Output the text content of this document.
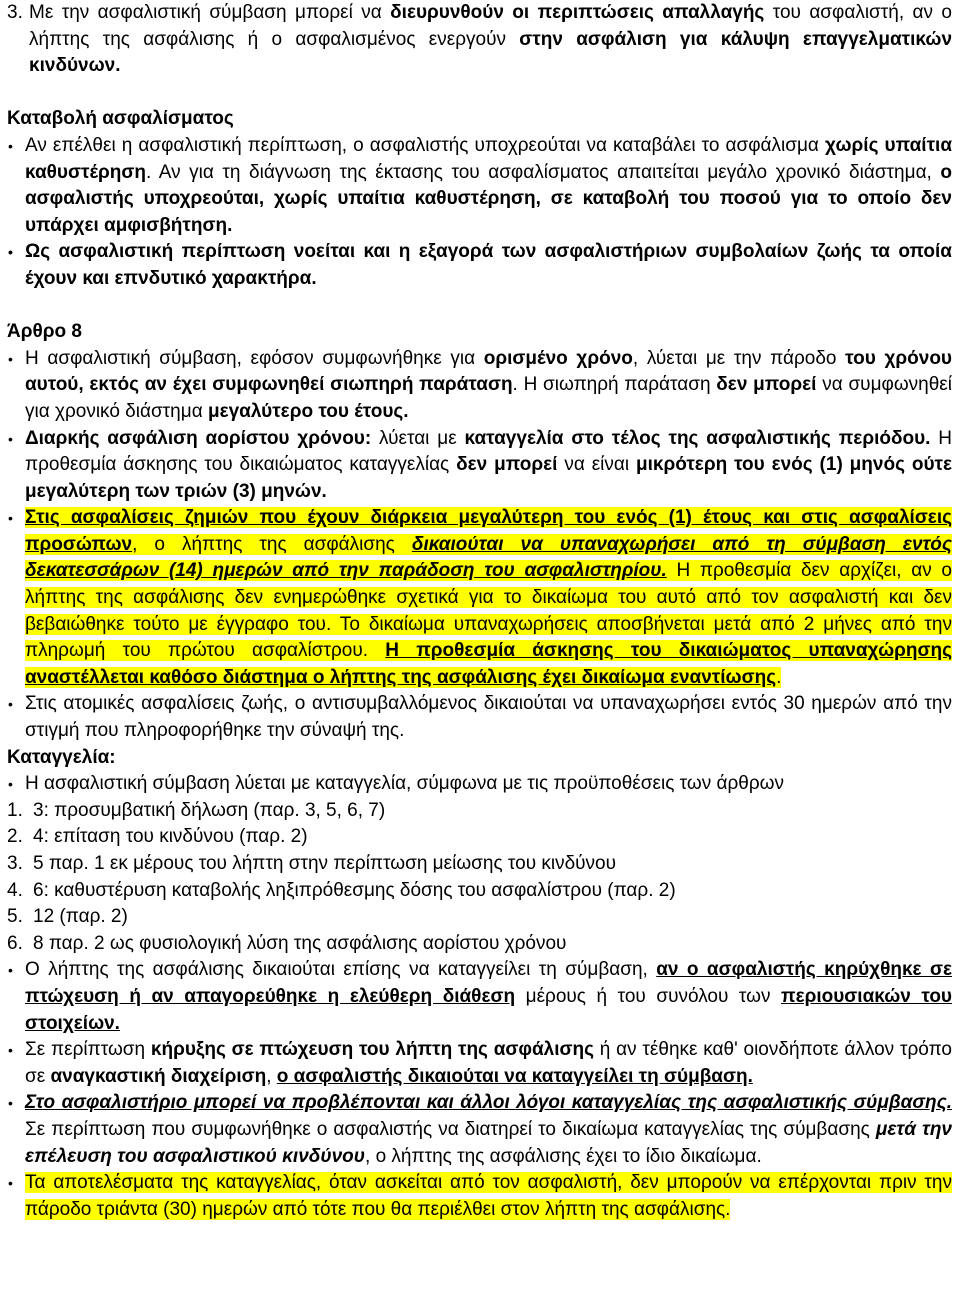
3. Με την ασφαλιστική σύμβαση μπορεί να διευρυνθούν οι περιπτώσεις απαλλαγής του ασφαλιστή, αν ο λήπτης της ασφάλισης ή ο ασφαλισμένος ενεργούν στην ασφάλιση για κάλυψη επαγγελματικών κινδύνων.
Καταβολή ασφαλίσματος
• Αν επέλθει η ασφαλιστική περίπτωση, ο ασφαλιστής υποχρεούται να καταβάλει το ασφάλισμα χωρίς υπαίτια καθυστέρηση. Αν για τη διάγνωση της έκτασης του ασφαλίσματος απαιτείται μεγάλο χρονικό διάστημα, ο ασφαλιστής υποχρεούται, χωρίς υπαίτια καθυστέρηση, σε καταβολή του ποσού για το οποίο δεν υπάρχει αμφισβήτηση.
• Ως ασφαλιστική περίπτωση νοείται και η εξαγορά των ασφαλιστήριων συμβολαίων ζωής τα οποία έχουν και επνδυτικό χαρακτήρα.
Άρθρο 8
• Η ασφαλιστική σύμβαση, εφόσον συμφωνήθηκε για ορισμένο χρόνο, λύεται με την πάροδο του χρόνου αυτού, εκτός αν έχει συμφωνηθεί σιωπηρή παράταση. Η σιωπηρή παράταση δεν μπορεί να συμφωνηθεί για χρονικό διάστημα μεγαλύτερο του έτους.
• Διαρκής ασφάλιση αορίστου χρόνου: λύεται με καταγγελία στο τέλος της ασφαλιστικής περιόδου. Η προθεσμία άσκησης του δικαιώματος καταγγελίας δεν μπορεί να είναι μικρότερη του ενός (1) μηνός ούτε μεγαλύτερη των τριών (3) μηνών.
• Στις ασφαλίσεις ζημιών που έχουν διάρκεια μεγαλύτερη του ενός (1) έτους και στις ασφαλίσεις προσώπων, ο λήπτης της ασφάλισης δικαιούται να υπαναχωρήσει από τη σύμβαση εντός δεκατεσσάρων (14) ημερών από την παράδοση του ασφαλιστηρίου. Η προθεσμία δεν αρχίζει, αν ο λήπτης της ασφάλισης δεν ενημερώθηκε σχετικά για το δικαίωμα του αυτό από τον ασφαλιστή και δεν βεβαιώθηκε τούτο με έγγραφο του. Το δικαίωμα υπαναχωρήσεις αποσβήνεται μετά από 2 μήνες από την πληρωμή του πρώτου ασφαλίστρου. Η προθεσμία άσκησης του δικαιώματος υπαναχώρησης αναστέλλεται καθόσο διάστημα ο λήπτης της ασφάλισης έχει δικαίωμα εναντίωσης.
• Στις ατομικές ασφαλίσεις ζωής, ο αντισυμβαλλόμενος δικαιούται να υπαναχωρήσει εντός 30 ημερών από την στιγμή που πληροφορήθηκε την σύναψή της.
Καταγγελία:
• Η ασφαλιστική σύμβαση λύεται με καταγγελία, σύμφωνα με τις προϋποθέσεις των άρθρων
1. 3: προσυμβατική δήλωση (παρ. 3, 5, 6, 7)
2. 4: επίταση του κινδύνου (παρ. 2)
3. 5 παρ. 1 εκ μέρους του λήπτη στην περίπτωση μείωσης του κινδύνου
4. 6: καθυστέρυση καταβολής ληξιπρόθεσμης δόσης του ασφαλίστρου (παρ. 2)
5. 12 (παρ. 2)
6. 8 παρ. 2 ως φυσιολογική λύση της ασφάλισης αορίστου χρόνου
• Ο λήπτης της ασφάλισης δικαιούται επίσης να καταγγείλει τη σύμβαση, αν ο ασφαλιστής κηρύχθηκε σε πτώχευση ή αν απαγορεύθηκε η ελεύθερη διάθεση μέρους ή του συνόλου των περιουσιακών του στοιχείων.
• Σε περίπτωση κήρυξης σε πτώχευση του λήπτη της ασφάλισης ή αν τέθηκε καθ' οιονδήποτε άλλον τρόπο σε αναγκαστική διαχείριση, ο ασφαλιστής δικαιούται να καταγγείλει τη σύμβαση.
• Στο ασφαλιστήριο μπορεί να προβλέπονται και άλλοι λόγοι καταγγελίας της ασφαλιστικής σύμβασης. Σε περίπτωση που συμφωνήθηκε ο ασφαλιστής να διατηρεί το δικαίωμα καταγγελίας της σύμβασης μετά την επέλευση του ασφαλιστικού κινδύνου, ο λήπτης της ασφάλισης έχει το ίδιο δικαίωμα.
• Τα αποτελέσματα της καταγγελίας, όταν ασκείται από τον ασφαλιστή, δεν μπορούν να επέρχονται πριν την πάροδο τριάντα (30) ημερών από τότε που θα περιέλθει στον λήπτη της ασφάλισης.
